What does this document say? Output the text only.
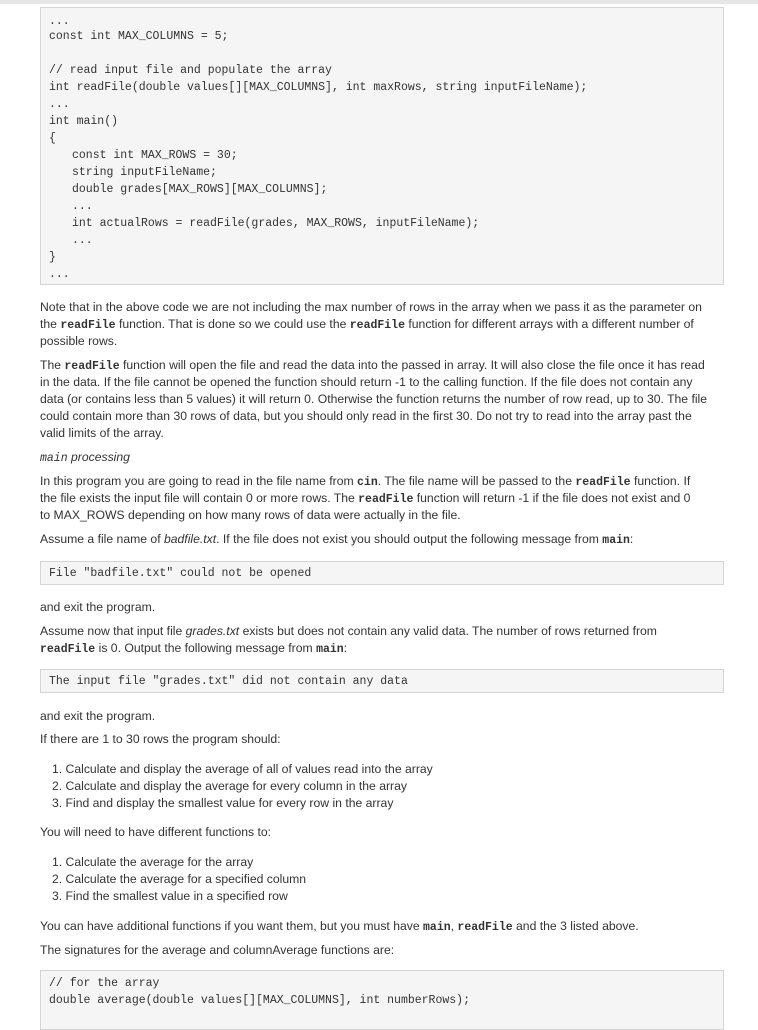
...
const int MAX_COLUMNS = 5;
// read input file and populate the array
int readFile(double values[][MAX_COLUMNS], int maxRows, string inputFileName);
...
int main()
{
const int MAX_ROWS = 30;
string inputFileName;
double grades[MAX_ROWS][MAX_COLUMNS];
...
int actualRows = readFile(grades, MAX_ROWS, inputFileName);
...
}
...
Note that in the above code we are not including the max number of rows in the array when we pass it as the parameter on
the readFile function. That is done so we could use the readFile function for different arrays with a different number of
possible rows.
The readFile function will open the file and read the data into the passed in array. It will also close the file once it has read
in the data. If the file cannot be opened the function should return -1 to the calling function. If the file does not contain any
data (or contains less than 5 values) it will return 0. Otherwise the function returns the number of row read, up to 30. The file
could contain more than 30 rows of data, but you should only read in the first 30. Do not try to read into the array past the
valid limits of the array.
main processing
In this program you are going to read in the file name from cin. The file name will be passed to the readFile function. If
the file exists the input file will contain 0 or more rows. The readFile function will return -1 if the file does not exist and 0
to MAX_ROWS depending on how many rows of data were actually in the file.
Assume a file name of badfile.txt. If the file does not exist you should output the following message from main:
File "badfile.txt" could not be opened
and exit the program.
Assume now that input file grades.txt exists but does not contain any valid data. The number of rows returned from
readFile is 0. Output the following message from main:
The input file "grades.txt" did not contain any data
and exit the program.
If there are 1 to 30 rows the program should:
1. Calculate and display the average of all of values read into the array
2. Calculate and display the average for every column in the array
3. Find and display the smallest value for every row in the array
You will need to have different functions to:
1. Calculate the average for the array
2. Calculate the average for a specified column
3. Find the smallest value in a specified row
You can have additional functions if you want them, but you must have main, readFile and the 3 listed above.
The signatures for the average and columnAverage functions are:
// for the array
double average(double values[][MAX_COLUMNS], int numberRows);
